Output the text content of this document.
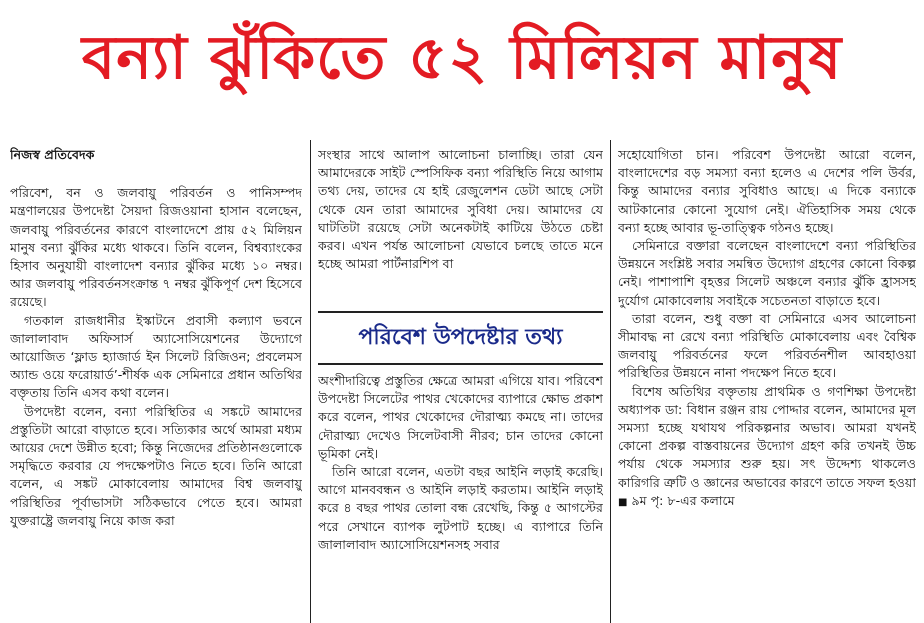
বন্যা ঝুঁকিতে ৫২ মিলিয়ন মানুষ

নিজস্ব প্রতিবেদক

পরিবেশ, বন ও জলবায়ু পরিবর্তন ও পানিসম্পদ মন্ত্রণালয়ের উপদেষ্টা সৈয়দা রিজওয়ানা হাসান বলেছেন, জলবায়ু পরিবর্তনের কারণে বাংলাদেশে প্রায় ৫২ মিলিয়ন মানুষ বন্যা ঝুঁকির মধ্যে থাকবে। তিনি বলেন, বিশ্বব্যাংকের হিসাব অনুযায়ী বাংলাদেশ বন্যার ঝুঁকির মধ্যে ১০ নম্বর। আর জলবায়ু পরিবর্তনসংক্রান্ত ৭ নম্বর ঝুঁকিপূর্ণ দেশ হিসেবে রয়েছে।

গতকাল রাজধানীর ইস্কাটনে প্রবাসী কল্যাণ ভবনে জালালাবাদ অফিসার্স অ্যাসোসিয়েশনের উদ্যোগে আয়োজিত ‘ফ্লাড হ্যাজার্ড ইন সিলেট রিজিওন; প্রবলেমস অ্যান্ড ওয়ে ফরোয়ার্ড’-শীর্ষক এক সেমিনারে প্রধান অতিথির বক্তৃতায় তিনি এসব কথা বলেন।

উপদেষ্টা বলেন, বন্যা পরিস্থিতির এ সঙ্কটে আমাদের প্রস্তুতিটা আরো বাড়াতে হবে। সত্যিকার অর্থে আমরা মধ্যম আয়ের দেশে উন্নীত হবো; কিন্তু নিজেদের প্রতিষ্ঠানগুলোকে সমৃদ্ধিতে করবার যে পদক্ষেপটাও নিতে হবে। তিনি আরো বলেন, এ সঙ্কট মোকাবেলায় আমাদের বিশ্ব জলবায়ু পরিস্থিতির পূর্বাভাসটা সঠিকভাবে পেতে হবে। আমরা যুক্তরাষ্ট্রে জলবায়ু নিয়ে কাজ করা

সংস্থার সাথে আলাপ আলোচনা চালাচ্ছি। তারা যেন আমাদেরকে সাইট স্পেসিফিক বন্যা পরিস্থিতি নিয়ে আগাম তথ্য দেয়, তাদের যে হাই রেজুলেশন ডেটা আছে সেটা থেকে যেন তারা আমাদের সুবিধা দেয়। আমাদের যে ঘাটতিটা রয়েছে সেটা অনেকটাই কাটিয়ে উঠতে চেষ্টা করব। এখন পর্যন্ত আলোচনা যেভাবে চলছে তাতে মনে হচ্ছে আমরা পার্টনারশিপ বা

পরিবেশ উপদেষ্টার তথ্য

অংশীদারিত্বে প্রস্তুতির ক্ষেত্রে আমরা এগিয়ে যাব। পরিবেশ উপদেষ্টা সিলেটের পাথর খেকোদের ব্যাপারে ক্ষোভ প্রকাশ করে বলেন, পাথর খেকোদের দৌরাত্ম্য কমছে না। তাদের দৌরাত্ম্য দেখেও সিলেটবাসী নীরব; চান তাদের কোনো ভূমিকা নেই।

তিনি আরো বলেন, এতটা বছর আইনি লড়াই করেছি। আগে মানববন্ধন ও আইনি লড়াই করতাম। আইনি লড়াই করে ৪ বছর পাথর তোলা বন্ধ রেখেছি, কিন্তু ৫ আগস্টের পরে সেখানে ব্যাপক লুটপাট হচ্ছে। এ ব্যাপারে তিনি জালালাবাদ অ্যাসোসিয়েশনসহ সবার

সহোযোগিতা চান। পরিবেশ উপদেষ্টা আরো বলেন, বাংলাদেশের বড় সমস্যা বন্যা হলেও এ দেশের পলি উর্বর, কিন্তু আমাদের বন্যার সুবিধাও আছে। এ দিকে বন্যাকে আটকানোর কোনো সুযোগ নেই। ঐতিহাসিক সময় থেকে বন্যা হচ্ছে আবার ভূ-তাত্ত্বিক গঠনও হচ্ছে।

সেমিনারে বক্তারা বলেছেন বাংলাদেশে বন্যা পরিস্থিতির উন্নয়নে সংশ্লিষ্ট সবার সমন্বিত উদ্যোগ গ্রহণের কোনো বিকল্প নেই। পাশাপাশি বৃহত্তর সিলেট অঞ্চলে বন্যার ঝুঁকি হ্রাসসহ দুর্যোগ মোকাবেলায় সবাইকে সচেতনতা বাড়াতে হবে।

তারা বলেন, শুধু বক্তা বা সেমিনারে এসব আলোচনা সীমাবদ্ধ না রেখে বন্যা পরিস্থিতি মোকাবেলায় এবং বৈশ্বিক জলবায়ু পরিবর্তনের ফলে পরিবর্তনশীল আবহাওয়া পরিস্থিতির উন্নয়নে নানা পদক্ষেপ নিতে হবে।

বিশেষ অতিথির বক্তৃতায় প্রাথমিক ও গণশিক্ষা উপদেষ্টা অধ্যাপক ডা: বিধান রঞ্জন রায় পোদ্দার বলেন, আমাদের মূল সমস্যা হচ্ছে যথাযথ পরিকল্পনার অভাব। আমরা যখনই কোনো প্রকল্প বাস্তবায়নের উদ্যোগ গ্রহণ করি তখনই উচ্চ পর্যায় থেকে সমস্যার শুরু হয়। সৎ উদ্দেশ্য থাকলেও কারিগরি ত্রুটি ও জ্ঞানের অভাবের কারণে তাতে সফল হওয়া ■ ৯ম পৃ: ৮-এর কলামে
